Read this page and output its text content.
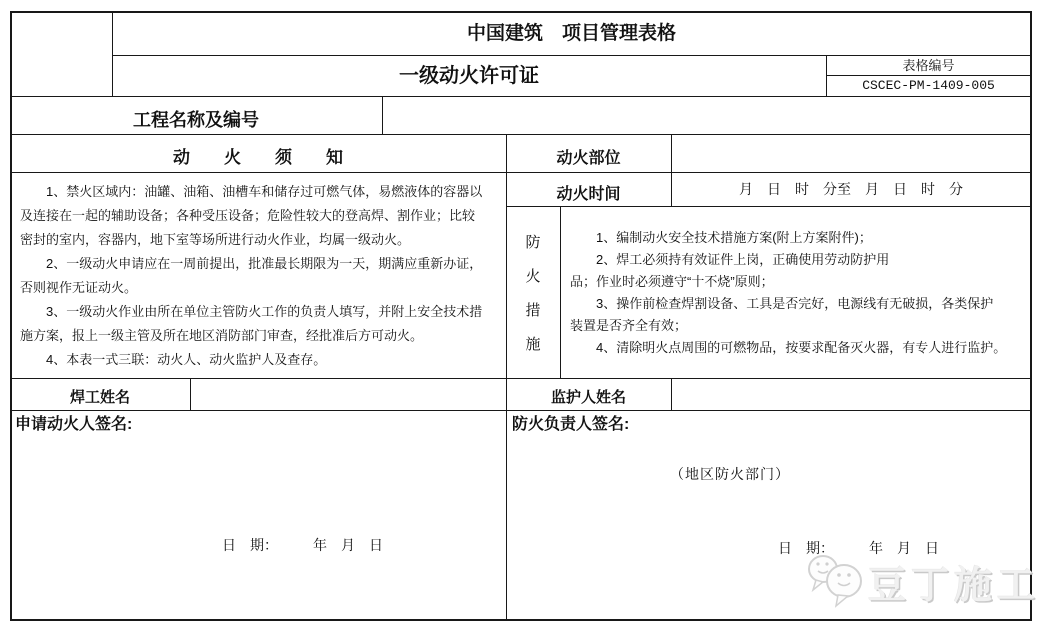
中国建筑　项目管理表格
一级动火许可证	表格编号
CSCEC-PM-1409-005
工程名称及编号
动　　火　　须　　知
　　1、禁火区域内：油罐、油箱、油槽车和储存过可燃气体，易燃液体的容器以
及连接在一起的辅助设备；各种受压设备；危险性较大的登高焊、割作业；比较
密封的室内，容器内，地下室等场所进行动火作业，均属一级动火。
　　2、一级动火申请应在一周前提出，批准最长期限为一天，期满应重新办证，
否则视作无证动火。
　　3、一级动火作业由所在单位主管防火工作的负责人填写，并附上安全技术措
施方案，报上一级主管及所在地区消防部门审查，经批准后方可动火。
　　4、本表一式三联：动火人、动火监护人及查存。
动火部位
动火时间	月　日　时　分至　月　日　时　分
防
火
措
施
　　1、编制动火安全技术措施方案(附上方案附件)；
　　2、焊工必须持有效证件上岗，正确使用劳动防护用
品；作业时必须遵守“十不烧”原则；
　　3、操作前检查焊割设备、工具是否完好，电源线有无破损，各类保护
装置是否齐全有效；
　　4、清除明火点周围的可燃物品，按要求配备灭火器，有专人进行监护。
焊工姓名	监护人姓名
申请动火人签名:
日　期：　　　年　月　日
防火负责人签名:
（地区防火部门）
日　期：　　　年　月　日
豆丁施工
